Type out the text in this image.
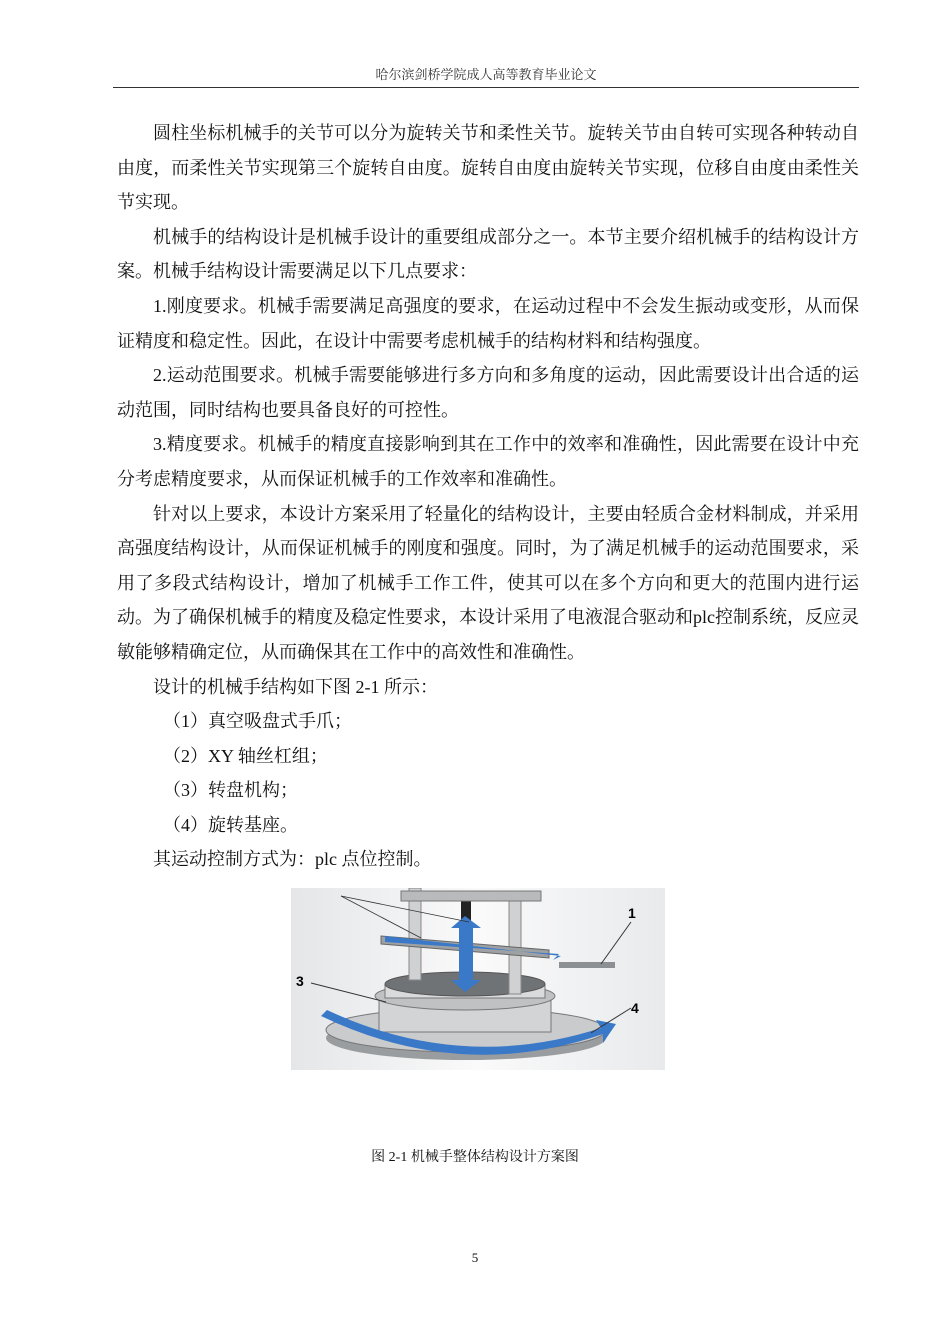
哈尔滨剑桥学院成人高等教育毕业论文

圆柱坐标机械手的关节可以分为旋转关节和柔性关节。旋转关节由自转可实现各种转动自由度，而柔性关节实现第三个旋转自由度。旋转自由度由旋转关节实现，位移自由度由柔性关节实现。

机械手的结构设计是机械手设计的重要组成部分之一。本节主要介绍机械手的结构设计方案。机械手结构设计需要满足以下几点要求：

1.刚度要求。机械手需要满足高强度的要求，在运动过程中不会发生振动或变形，从而保证精度和稳定性。因此，在设计中需要考虑机械手的结构材料和结构强度。

2.运动范围要求。机械手需要能够进行多方向和多角度的运动，因此需要设计出合适的运动范围，同时结构也要具备良好的可控性。

3.精度要求。机械手的精度直接影响到其在工作中的效率和准确性，因此需要在设计中充分考虑精度要求，从而保证机械手的工作效率和准确性。

针对以上要求，本设计方案采用了轻量化的结构设计，主要由轻质合金材料制成，并采用高强度结构设计，从而保证机械手的刚度和强度。同时，为了满足机械手的运动范围要求，采用了多段式结构设计，增加了机械手工作工件，使其可以在多个方向和更大的范围内进行运动。为了确保机械手的精度及稳定性要求，本设计采用了电液混合驱动和plc控制系统，反应灵敏能够精确定位，从而确保其在工作中的高效性和准确性。

设计的机械手结构如下图 2-1 所示：

（1）真空吸盘式手爪；

（2）XY 轴丝杠组；

（3）转盘机构；

（4）旋转基座。

其运动控制方式为：plc 点位控制。

1
3
4
图 2-1 机械手整体结构设计方案图
5
